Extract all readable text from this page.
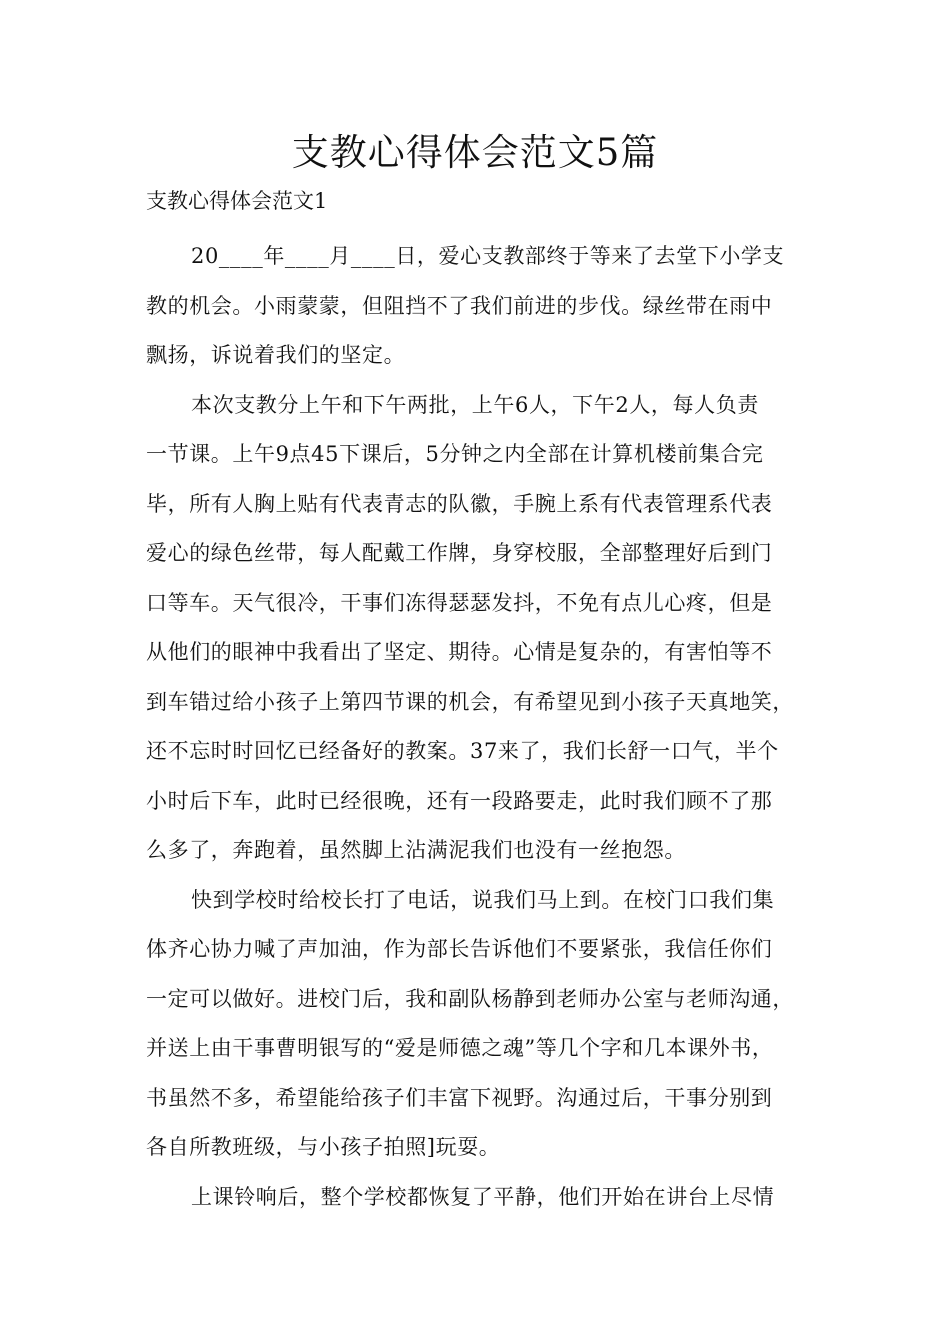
支教心得体会范文5篇
支教心得体会范文1

20____年____月____日，爱心支教部终于等来了去堂下小学支
教的机会。小雨蒙蒙，但阻挡不了我们前进的步伐。绿丝带在雨中
飘扬，诉说着我们的坚定。

本次支教分上午和下午两批，上午6人，下午2人，每人负责
一节课。上午9点45下课后，5分钟之内全部在计算机楼前集合完
毕，所有人胸上贴有代表青志的队徽，手腕上系有代表管理系代表
爱心的绿色丝带，每人配戴工作牌，身穿校服，全部整理好后到门
口等车。天气很冷，干事们冻得瑟瑟发抖，不免有点儿心疼，但是
从他们的眼神中我看出了坚定、期待。心情是复杂的，有害怕等不
到车错过给小孩子上第四节课的机会，有希望见到小孩子天真地笑，
还不忘时时回忆已经备好的教案。37来了，我们长舒一口气，半个
小时后下车，此时已经很晚，还有一段路要走，此时我们顾不了那
么多了，奔跑着，虽然脚上沾满泥我们也没有一丝抱怨。

快到学校时给校长打了电话，说我们马上到。在校门口我们集
体齐心协力喊了声加油，作为部长告诉他们不要紧张，我信任你们
一定可以做好。进校门后，我和副队杨静到老师办公室与老师沟通，
并送上由干事曹明银写的“爱是师德之魂”等几个字和几本课外书，
书虽然不多，希望能给孩子们丰富下视野。沟通过后，干事分别到
各自所教班级，与小孩子拍照]玩耍。

上课铃响后，整个学校都恢复了平静，他们开始在讲台上尽情
